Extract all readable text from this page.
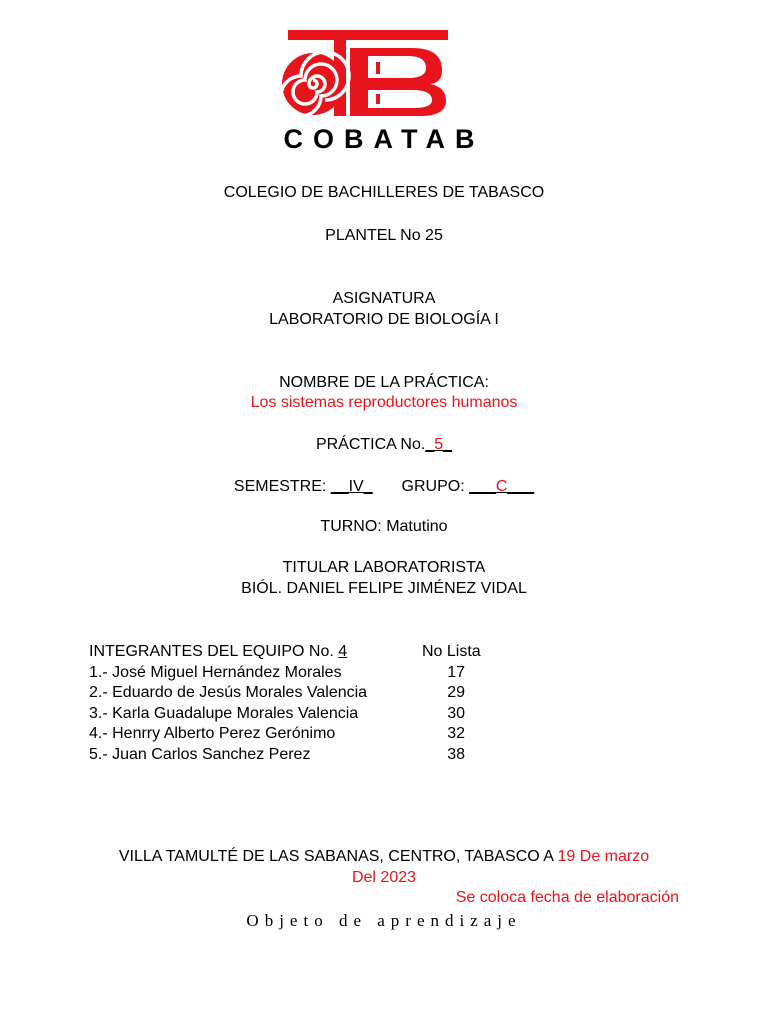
COBATAB
COLEGIO DE BACHILLERES DE TABASCO
PLANTEL No 25
ASIGNATURA
LABORATORIO DE BIOLOGÍA I
NOMBRE DE LA PRÁCTICA:
Los sistemas reproductores humanos
PRÁCTICA No._5_
SEMESTRE: __IV_ GRUPO: ___C___
TURNO: Matutino
TITULAR LABORATORISTA
BIÓL. DANIEL FELIPE JIMÉNEZ VIDAL
INTEGRANTES DEL EQUIPO No. 4	No Lista
1.- José Miguel Hernández Morales	17
2.- Eduardo de Jesús Morales Valencia	29
3.- Karla Guadalupe Morales Valencia	30
4.- Henrry Alberto Perez Gerónimo	32
5.- Juan Carlos Sanchez Perez	38
VILLA TAMULTÉ DE LAS SABANAS, CENTRO, TABASCO A 19 De marzo
Del 2023
Se coloca fecha de elaboración
Objeto de aprendizaje
